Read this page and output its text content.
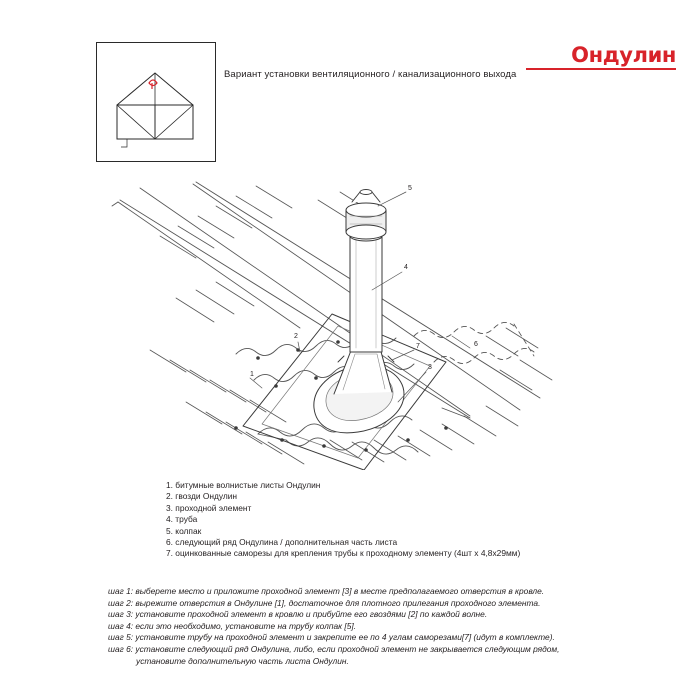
Вариант установки вентиляционного / канализационного выхода
Ондулин
1
2
3
4
5
6
7
1. битумные волнистые листы Ондулин
2. гвозди Ондулин
3. проходной элемент
4. труба
5. колпак
6. следующий ряд Ондулина / дополнительная часть листа
7. оцинкованные саморезы для крепления трубы к проходному элементу (4шт х 4,8х29мм)
шаг 1: выберете место и приложите проходной элемент [3] в месте предполагаемого отверстия в кровле.
шаг 2: вырежите отверстия в Ондулине [1], достаточное для плотного прилегания проходного элемента.
шаг 3: установите проходной элемент в кровлю и прибуйте его гвоздями [2] по каждой волне.
шаг 4: если это необходимо, установите на трубу колпак [5].
шаг 5: установите трубу на проходной элемент и закрепите ее по 4 углам саморезами[7] (идут в комплекте).
шаг 6: установите следующий ряд Ондулина, либо, если проходной элемент не закрывается следующим рядом,
установите дополнительную часть листа Ондулин.
